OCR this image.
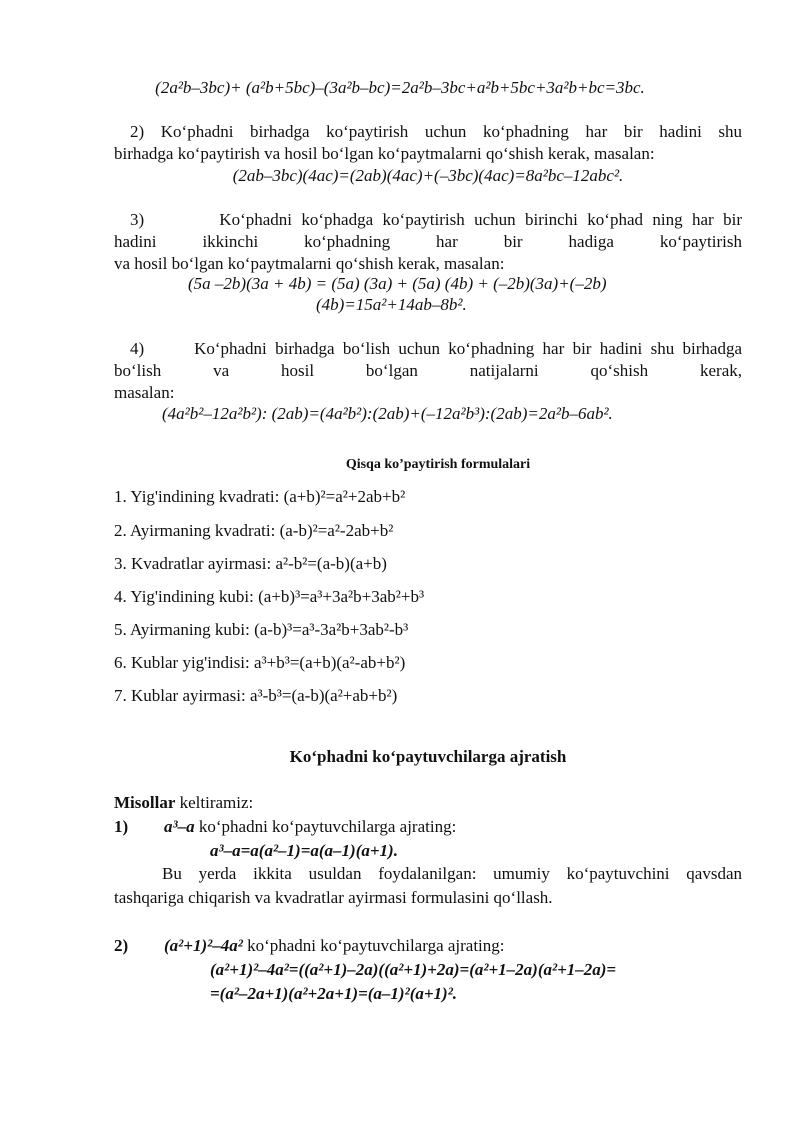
(2a²b–3bc)+ (a²b+5bc)–(3a²b–bc)=2a²b–3bc+a²b+5bc+3a²b+bc=3bc.
2) Ko‘phadni birhadga ko‘paytirish uchun ko‘phadning har bir hadini shu
birhadga ko‘paytirish va hosil bo‘lgan ko‘paytmalarni qo‘shish kerak, masalan:
(2ab–3bc)(4ac)=(2ab)(4ac)+(–3bc)(4ac)=8a²bc–12abc².
3)        Ko‘phadni ko‘phadga ko‘paytirish uchun birinchi ko‘phad ning har bir
hadini ikkinchi ko‘phadning har bir hadiga ko‘paytirish
va hosil bo‘lgan ko‘paytmalarni qo‘shish kerak, masalan:
(5a –2b)(3a + 4b) = (5a) (3a) + (5a) (4b) + (–2b)(3a)+(–2b)
(4b)=15a²+14ab–8b².
4)      Ko‘phadni birhadga bo‘lish uchun ko‘phadning har bir hadini shu birhadga
bo‘lish va hosil bo‘lgan natijalarni qo‘shish kerak,
masalan:
(4a²b²–12a²b²): (2ab)=(4a²b²):(2ab)+(–12a²b³):(2ab)=2a²b–6ab².
Qisqa ko’paytirish formulalari
1. Yig'indining kvadrati: (a+b)²=a²+2ab+b²
2. Ayirmaning kvadrati: (a-b)²=a²-2ab+b²
3. Kvadratlar ayirmasi: a²-b²=(a-b)(a+b)
4. Yig'indining kubi: (a+b)³=a³+3a²b+3ab²+b³
5. Ayirmaning kubi: (a-b)³=a³-3a²b+3ab²-b³
6. Kublar yig'indisi: a³+b³=(a+b)(a²-ab+b²)
7. Kublar ayirmasi: a³-b³=(a-b)(a²+ab+b²)
Ko‘phadni ko‘paytuvchilarga ajratish
Misollar keltiramiz:
1) a³–a ko‘phadni ko‘paytuvchilarga ajrating:
a³–a=a(a²–1)=a(a–1)(a+1).
Bu yerda ikkita usuldan foydalanilgan: umumiy ko‘paytuvchini qavsdan
tashqariga chiqarish va kvadratlar ayirmasi formulasini qo‘llash.
2) (a²+1)²–4a² ko‘phadni ko‘paytuvchilarga ajrating:
(a²+1)²–4a²=((a²+1)–2a)((a²+1)+2a)=(a²+1–2a)(a²+1–2a)=
=(a²–2a+1)(a²+2a+1)=(a–1)²(a+1)².
